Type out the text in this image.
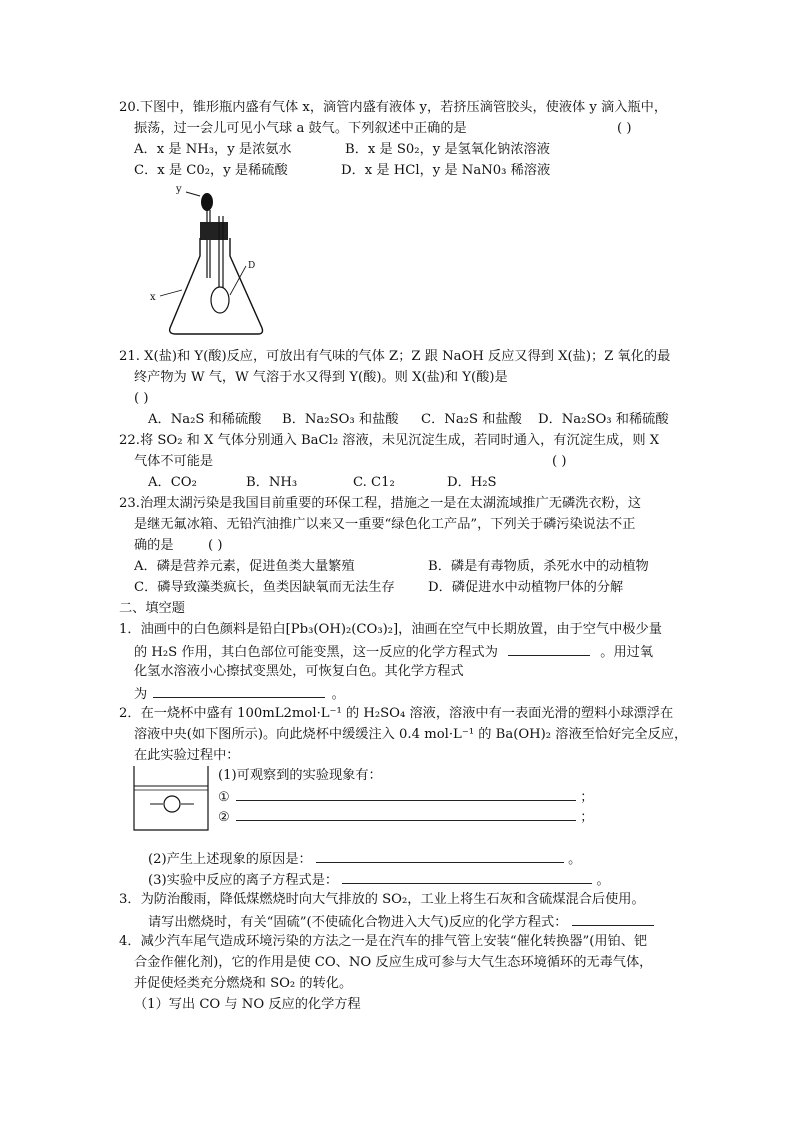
20.下图中，锥形瓶内盛有气体 x，滴管内盛有液体 y，若挤压滴管胶头，使液体 y 滴入瓶中，
振荡，过一会儿可见小气球 a 鼓气。下列叙述中正确的是	( )
A．x 是 NH₃，y 是浓氨水	B．x 是 S0₂，y 是氢氧化钠浓溶液
C．x 是 C0₂，y 是稀硫酸	D．x 是 HCl，y 是 NaN0₃ 稀溶液
y
D
x
21. X(盐)和 Y(酸)反应，可放出有气味的气体 Z；Z 跟 NaOH 反应又得到 X(盐)；Z 氧化的最
终产物为 W 气，W 气溶于水又得到 Y(酸)。则 X(盐)和 Y(酸)是
( )
A．Na₂S 和稀硫酸 B．Na₂SO₃ 和盐酸 C．Na₂S 和盐酸 D．Na₂SO₃ 和稀硫酸
22.将 SO₂ 和 X 气体分别通入 BaCl₂ 溶液，未见沉淀生成，若同时通入，有沉淀生成，则 X
气体不可能是	( )
A．CO₂	B．NH₃	C. C1₂	D．H₂S
23.治理太湖污染是我国目前重要的环保工程，措施之一是在太湖流域推广无磷洗衣粉，这
是继无氟冰箱、无铅汽油推广以来又一重要“绿色化工产品”，下列关于磷污染说法不正
确的是	( )
A．磷是营养元素，促进鱼类大量繁殖	B．磷是有毒物质，杀死水中的动植物
C．磷导致藻类疯长，鱼类因缺氧而无法生存	D．磷促进水中动植物尸体的分解
二、填空题
1．油画中的白色颜料是铅白[Pb₃(OH)₂(CO₃)₂]，油画在空气中长期放置，由于空气中极少量
的 H₂S 作用，其白色部位可能变黑，这一反应的化学方程式为	。用过氧
化氢水溶液小心擦拭变黑处，可恢复白色。其化学方程式
为	。
2．在一烧杯中盛有 100mL2mol·L⁻¹ 的 H₂SO₄ 溶液，溶液中有一表面光滑的塑料小球漂浮在
溶液中央(如下图所示)。向此烧杯中缓缓注入 0.4 mol·L⁻¹ 的 Ba(OH)₂ 溶液至恰好完全反应，
在此实验过程中：
(1)可观察到的实验现象有：
①	；
②	；
(2)产生上述现象的原因是：	。
(3)实验中反应的离子方程式是：	。
3．为防治酸雨，降低煤燃烧时向大气排放的 SO₂，工业上将生石灰和含硫煤混合后使用。
请写出燃烧时，有关“固硫”(不使硫化合物进入大气)反应的化学方程式：
4．减少汽车尾气造成环境污染的方法之一是在汽车的排气管上安装“催化转换器”(用铂、钯
合金作催化剂)，它的作用是使 CO、NO 反应生成可参与大气生态环境循环的无毒气体，
并促使烃类充分燃烧和 SO₂ 的转化。
（1）写出 CO 与 NO 反应的化学方程
